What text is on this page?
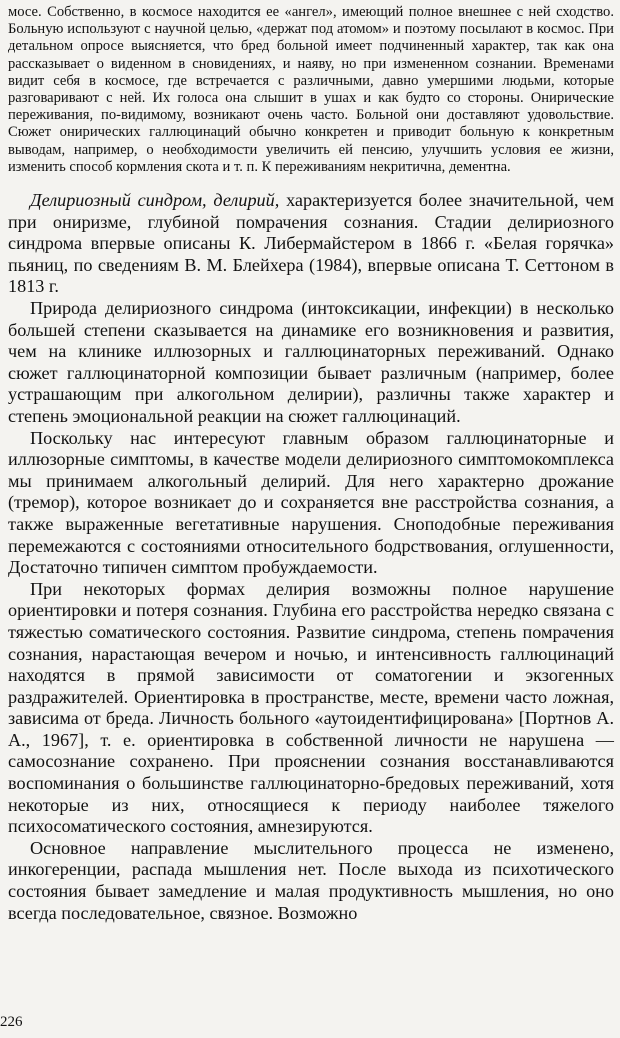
мосе. Собственно, в космосе находится ее «ангел», имеющий полное внешнее с ней сходство. Больную используют с научной целью, «держат под атомом» и поэтому посылают в космос. При детальном опросе выясняется, что бред больной имеет подчиненный характер, так как она рассказывает о виденном в сновидениях, и наяву, но при измененном сознании. Временами видит себя в космосе, где встречается с различными, давно умершими людьми, которые разговаривают с ней. Их голоса она слышит в ушах и как будто со стороны. Онирические переживания, по-видимому, возникают очень часто. Больной они доставляют удовольствие. Сюжет онирических галлюцинаций обычно конкретен и приводит больную к конкретным выводам, например, о необходимости увеличить ей пенсию, улучшить условия ее жизни, изменить способ кормления скота и т. п. К переживаниям некритична, дементна.

Делириозный синдром, делирий, характеризуется более значительной, чем при ониризме, глубиной помрачения сознания. Стадии делириозного синдрома впервые описаны К. Либермайстером в 1866 г. «Белая горячка» пьяниц, по сведениям В. М. Блейхера (1984), впервые описана Т. Сеттоном в 1813 г.

Природа делириозного синдрома (интоксикации, инфекции) в несколько большей степени сказывается на динамике его возникновения и развития, чем на клинике иллюзорных и галлюцинаторных переживаний. Однако сюжет галлюцинаторной композиции бывает различным (например, более устрашающим при алкогольном делирии), различны также характер и степень эмоциональной реакции на сюжет галлюцинаций.

Поскольку нас интересуют главным образом галлюцинаторные и иллюзорные симптомы, в качестве модели делириозного симптомокомплекса мы принимаем алкогольный делирий. Для него характерно дрожание (тремор), которое возникает до и сохраняется вне расстройства сознания, а также выраженные вегетативные нарушения. Сноподобные переживания перемежаются с состояниями относительного бодрствования, оглушенности, Достаточно типичен симптом пробуждаемости.

При некоторых формах делирия возможны полное нарушение ориентировки и потеря сознания. Глубина его расстройства нередко связана с тяжестью соматического состояния. Развитие синдрома, степень помрачения сознания, нарастающая вечером и ночью, и интенсивность галлюцинаций находятся в прямой зависимости от соматогении и экзогенных раздражителей. Ориентировка в пространстве, месте, времени часто ложная, зависима от бреда. Личность больного «аутоидентифицирована» [Портнов А. А., 1967], т. е. ориентировка в собственной личности не нарушена — самосознание сохранено. При прояснении сознания восстанавливаются воспоминания о большинстве галлюцинаторно-бредовых переживаний, хотя некоторые из них, относящиеся к периоду наиболее тяжелого психосоматического состояния, амнезируются.

Основное направление мыслительного процесса не изменено, инкогеренции, распада мышления нет. После выхода из психотического состояния бывает замедление и малая продуктивность мышления, но оно всегда последовательное, связное. Возможно

226
